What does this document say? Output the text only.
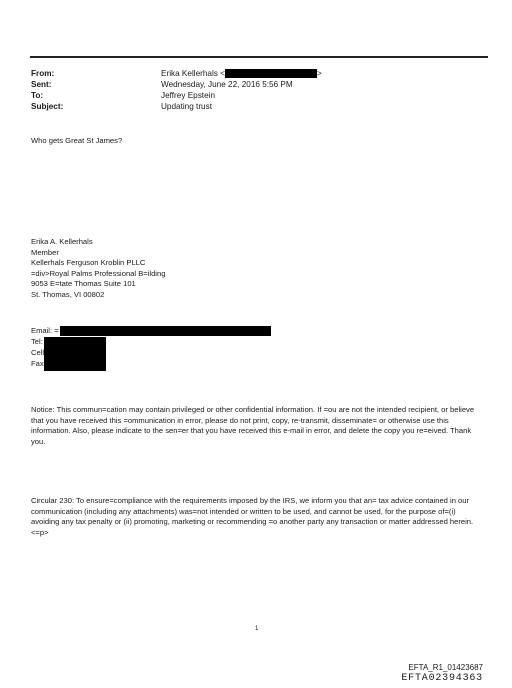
From:	Erika Kellerhals <	>
Sent:	Wednesday, June 22, 2016 5:56 PM
To:	Jeffrey Epstein
Subject:	Updating trust
Who gets Great St James?
Erika A. Kellerhals
Member
Kellerhals Ferguson Kroblin PLLC
=div>Royal Palms Professional B=ilding
9053 E=tate Thomas Suite 101
St. Thomas, VI 00802
Email: =
Tel:
Cell
Fax
Notice: This commun=cation may contain privileged or other confidential information. If =ou are not the intended recipient, or believe that you have received this =ommunication in error, please do not print, copy, re-transmit, disseminate= or otherwise use this information. Also, please indicate to the sen=er that you have received this e-mail in error, and delete the copy you re=eived. Thank you.
Circular 230: To ensure=compliance with the requirements imposed by the IRS, we inform you that an= tax advice contained in our communication (including any attachments) was=not intended or written to be used, and cannot be used, for the purpose of=(i) avoiding any tax penalty or (ii) promoting, marketing or recommending =o another party any transaction or matter addressed herein.<=p>
1
EFTA_R1_01423687
EFTA02394363
